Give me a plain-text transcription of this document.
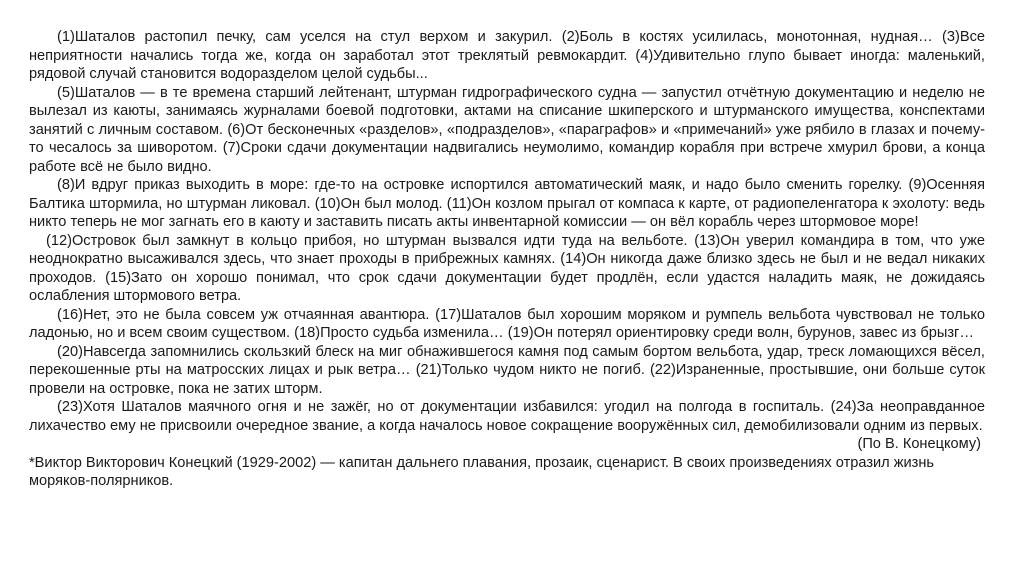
(1)Шаталов растопил печку, сам уселся на стул верхом и закурил. (2)Боль в костях усилилась, монотонная, нудная… (3)Все неприятности начались тогда же, когда он заработал этот треклятый ревмокардит. (4)Удивительно глупо бывает иногда: маленький, рядовой случай становится водоразделом целой судьбы...

(5)Шаталов — в те времена старший лейтенант, штурман гидрографического судна — запустил отчётную документацию и неделю не вылезал из каюты, занимаясь журналами боевой подготовки, актами на списание шкиперского и штурманского имущества, конспектами занятий с личным составом. (6)От бесконечных «разделов», «подразделов», «параграфов» и «примечаний» уже рябило в глазах и почему-то чесалось за шиворотом. (7)Сроки сдачи документации надвигались неумолимо, командир корабля при встрече хмурил брови, а конца работе всё не было видно.

(8)И вдруг приказ выходить в море: где-то на островке испортился автоматический маяк, и надо было сменить горелку. (9)Осенняя Балтика штормила, но штурман ликовал. (10)Он был молод. (11)Он козлом прыгал от компаса к карте, от радиопеленгатора к эхолоту: ведь никто теперь не мог загнать его в каюту и заставить писать акты инвентарной комиссии — он вёл корабль через штормовое море!

(12)Островок был замкнут в кольцо прибоя, но штурман вызвался идти туда на вельботе. (13)Он уверил командира в том, что уже неоднократно высаживался здесь, что знает проходы в прибрежных камнях. (14)Он никогда даже близко здесь не был и не ведал никаких проходов. (15)Зато он хорошо понимал, что срок сдачи документации будет продлён, если удастся наладить маяк, не дожидаясь ослабления штормового ветра.

(16)Нет, это не была совсем уж отчаянная авантюра. (17)Шаталов был хорошим моряком и румпель вельбота чувствовал не только ладонью, но и всем своим существом. (18)Просто судьба изменила… (19)Он потерял ориентировку среди волн, бурунов, завес из брызг…

(20)Навсегда запомнились скользкий блеск на миг обнажившегося камня под самым бортом вельбота, удар, треск ломающихся вёсел, перекошенные рты на матросских лицах и рык ветра… (21)Только чудом никто не погиб. (22)Израненные, простывшие, они больше суток провели на островке, пока не затих шторм.

(23)Хотя Шаталов маячного огня и не зажёг, но от документации избавился: угодил на полгода в госпиталь. (24)За неоправданное лихачество ему не присвоили очередное звание, а когда началось новое сокращение вооружённых сил, демобилизовали одним из первых.

(По В. Конецкому)

*Виктор Викторович Конецкий (1929-2002) — капитан дальнего плавания, прозаик, сценарист. В своих произведениях отразил жизнь моряков-полярников.
